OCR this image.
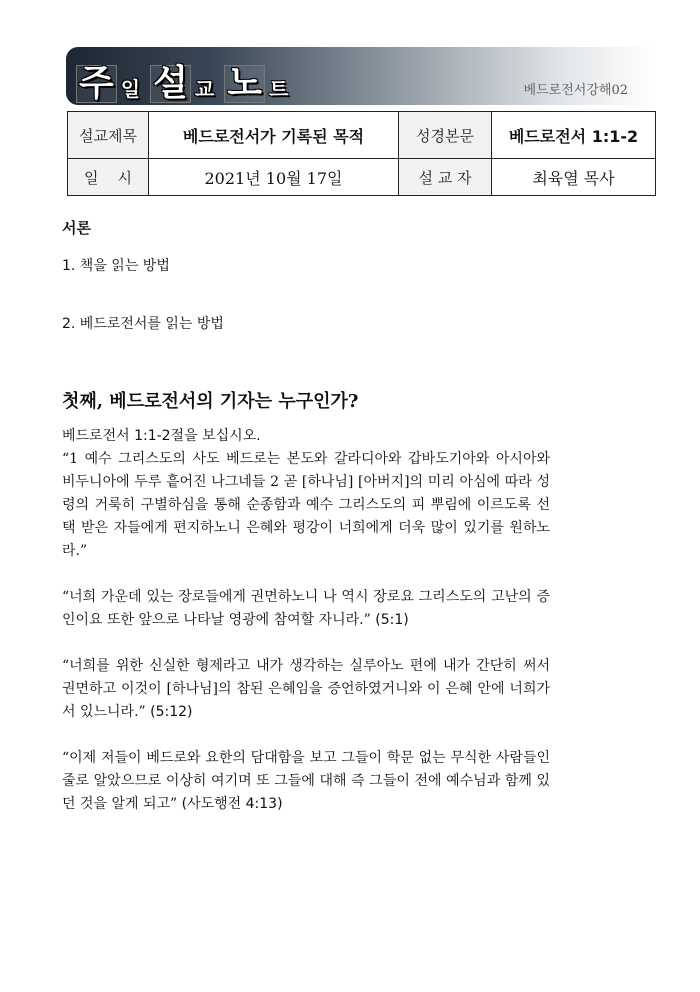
주 일 설 교 노 트	베드로전서강해02
설교제목	베드로전서가 기록된 목적	성경본문	베드로전서 1:1-2
일    시	2021년 10월 17일	설 교 자	최육열 목사

서론

1. 책을 읽는 방법

2. 베드로전서를 읽는 방법

첫째, 베드로전서의 기자는 누구인가?

베드로전서 1:1-2절을 보십시오.

“1 예수 그리스도의 사도 베드로는 본도와 갈라디아와 갑바도기아와 아시아와 비두니아에 두루 흩어진 나그네들 2 곧 [하나님] [아버지]의 미리 아심에 따라 성령의 거룩히 구별하심을 통해 순종함과 예수 그리스도의 피 뿌림에 이르도록 선택 받은 자들에게 편지하노니 은혜와 평강이 너희에게 더욱 많이 있기를 원하노라.”

“너희 가운데 있는 장로들에게 권면하노니 나 역시 장로요 그리스도의 고난의 증인이요 또한 앞으로 나타날 영광에 참여할 자니라.” (5:1)

“너희를 위한 신실한 형제라고 내가 생각하는 실루아노 편에 내가 간단히 써서 권면하고 이것이 [하나님]의 참된 은혜임을 증언하였거니와 이 은혜 안에 너희가 서 있느니라.” (5:12)

“이제 저들이 베드로와 요한의 담대함을 보고 그들이 학문 없는 무식한 사람들인 줄로 알았으므로 이상히 여기며 또 그들에 대해 즉 그들이 전에 예수님과 함께 있던 것을 알게 되고” (사도행전 4:13)
